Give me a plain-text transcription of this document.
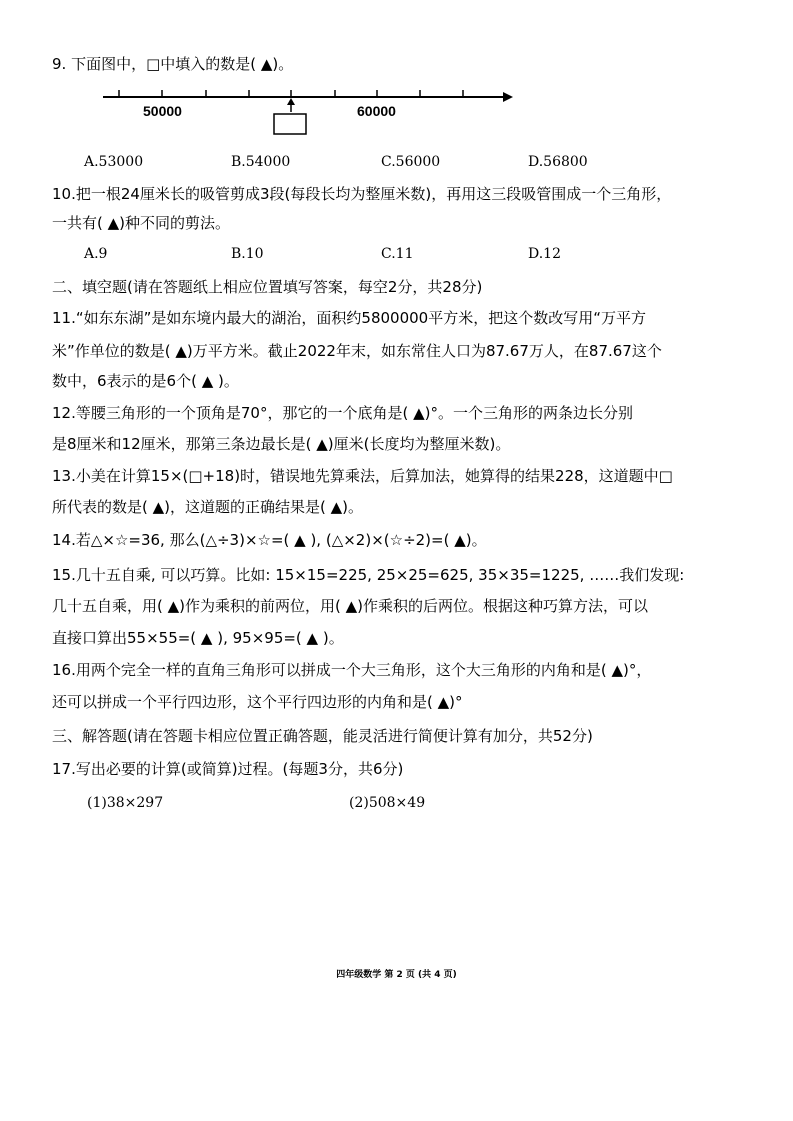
9. 下面图中，□中填入的数是( ▲)。
50000	60000
A.53000	B.54000	C.56000	D.56800
10.把一根24厘米长的吸管剪成3段(每段长均为整厘米数)，再用这三段吸管围成一个三角形，
一共有( ▲)种不同的剪法。
A.9	B.10	C.11	D.12
二、填空题(请在答题纸上相应位置填写答案，每空2分，共28分)
11.“如东东湖”是如东境内最大的湖治，面积约5800000平方米，把这个数改写用“万平方
米”作单位的数是( ▲)万平方米。截止2022年末，如东常住人口为87.67万人，在87.67这个
数中，6表示的是6个( ▲ )。
12.等腰三角形的一个顶角是70°，那它的一个底角是( ▲)°。一个三角形的两条边长分别
是8厘米和12厘米，那第三条边最长是( ▲)厘米(长度均为整厘米数)。
13.小美在计算15×(□+18)时，错误地先算乘法，后算加法，她算得的结果228，这道题中□
所代表的数是( ▲)，这道题的正确结果是( ▲)。
14.若△×☆=36, 那么(△÷3)×☆=( ▲ ), (△×2)×(☆÷2)=( ▲)。
15.几十五自乘, 可以巧算。比如: 15×15=225, 25×25=625, 35×35=1225, ……我们发现:
几十五自乘，用( ▲)作为乘积的前两位，用( ▲)作乘积的后两位。根据这种巧算方法，可以
直接口算出55×55=( ▲ ), 95×95=( ▲ )。
16.用两个完全一样的直角三角形可以拼成一个大三角形，这个大三角形的内角和是( ▲)°，
还可以拼成一个平行四边形，这个平行四边形的内角和是( ▲)°
三、解答题(请在答题卡相应位置正确答题，能灵活进行简便计算有加分，共52分)
17.写出必要的计算(或简算)过程。(每题3分，共6分)
(1)38×297	(2)508×49
四年级数学 第 2 页 (共 4 页)
